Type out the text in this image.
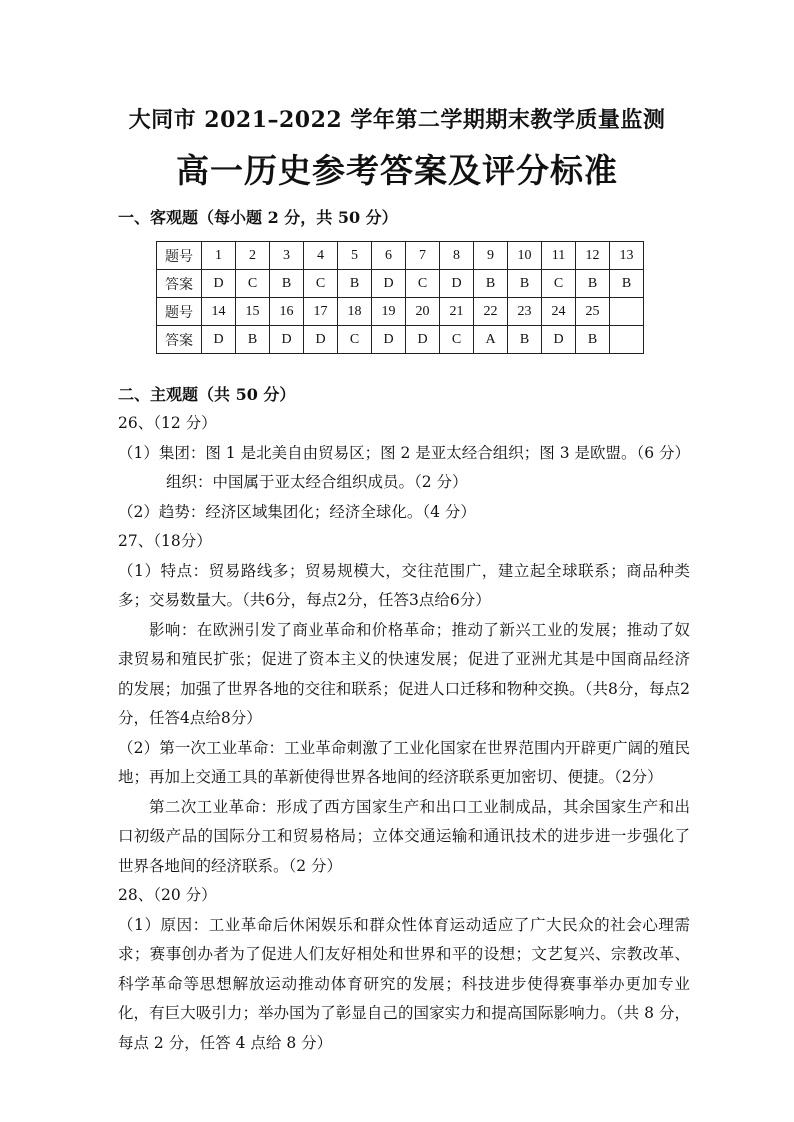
大同市 2021–2022 学年第二学期期末教学质量监测
高一历史参考答案及评分标准
一、客观题（每小题 2 分，共 50 分）
题号	1	2	3	4	5	6	7	8	9	10	11	12	13
答案	D	C	B	C	B	D	C	D	B	B	C	B	B
题号	14	15	16	17	18	19	20	21	22	23	24	25	
答案	D	B	D	D	C	D	D	C	A	B	D	B	
二、主观题（共 50 分）

26、（12 分）

（1）集团：图 1 是北美自由贸易区；图 2 是亚太经合组织；图 3 是欧盟。（6 分）

组织：中国属于亚太经合组织成员。（2 分）

（2）趋势：经济区域集团化；经济全球化。（4 分）

27、（18分）

（1）特点：贸易路线多；贸易规模大，交往范围广，建立起全球联系；商品种类多；交易数量大。（共6分，每点2分，任答3点给6分）

影响：在欧洲引发了商业革命和价格革命；推动了新兴工业的发展；推动了奴隶贸易和殖民扩张；促进了资本主义的快速发展；促进了亚洲尤其是中国商品经济的发展；加强了世界各地的交往和联系；促进人口迁移和物种交换。（共8分，每点2分，任答4点给8分）

（2）第一次工业革命：工业革命刺激了工业化国家在世界范围内开辟更广阔的殖民地；再加上交通工具的革新使得世界各地间的经济联系更加密切、便捷。（2分）

第二次工业革命：形成了西方国家生产和出口工业制成品，其余国家生产和出口初级产品的国际分工和贸易格局；立体交通运输和通讯技术的进步进一步强化了世界各地间的经济联系。（2 分）

28、（20 分）

（1）原因：工业革命后休闲娱乐和群众性体育运动适应了广大民众的社会心理需求；赛事创办者为了促进人们友好相处和世界和平的设想；文艺复兴、宗教改革、科学革命等思想解放运动推动体育研究的发展；科技进步使得赛事举办更加专业化，有巨大吸引力；举办国为了彰显自己的国家实力和提高国际影响力。（共 8 分，每点 2 分，任答 4 点给 8 分）
